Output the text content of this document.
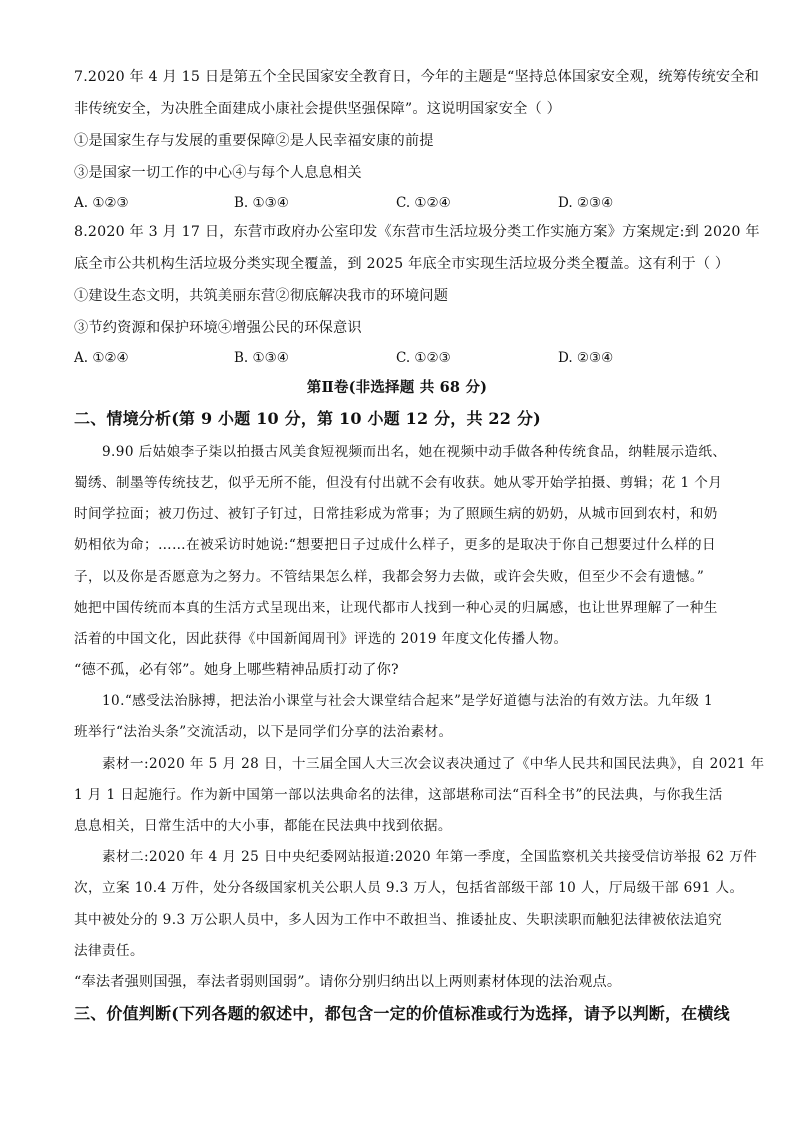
7.2020 年 4 月 15 日是第五个全民国家安全教育日，今年的主题是“坚持总体国家安全观，统筹传统安全和
非传统安全，为决胜全面建成小康社会提供坚强保障”。这说明国家安全（ ）
①是国家生存与发展的重要保障②是人民幸福安康的前提
③是国家一切工作的中心④与每个人息息相关
A. ①②③	B. ①③④	C. ①②④	D. ②③④
8.2020 年 3 月 17 日，东营市政府办公室印发《东营市生活垃圾分类工作实施方案》方案规定:到 2020 年
底全市公共机构生活垃圾分类实现全覆盖，到 2025 年底全市实现生活垃圾分类全覆盖。这有利于（ ）
①建设生态文明，共筑美丽东营②彻底解决我市的环境问题
③节约资源和保护环境④增强公民的环保意识
A. ①②④	B. ①③④	C. ①②③	D. ②③④
第Ⅱ卷(非选择题 共 68 分)
二、情境分析(第 9 小题 10 分，第 10 小题 12 分，共 22 分)
9.90 后姑娘李子柒以拍摄古风美食短视频而出名，她在视频中动手做各种传统食品，纳鞋展示造纸、
蜀绣、制墨等传统技艺，似乎无所不能，但没有付出就不会有收获。她从零开始学拍摄、剪辑；花 1 个月
时间学拉面；被刀伤过、被钉子钉过，日常挂彩成为常事；为了照顾生病的奶奶，从城市回到农村，和奶
奶相依为命；……在被采访时她说:“想要把日子过成什么样子，更多的是取决于你自己想要过什么样的日
子，以及你是否愿意为之努力。不管结果怎么样，我都会努力去做，或许会失败，但至少不会有遗憾。”
她把中国传统而本真的生活方式呈现出来，让现代都市人找到一种心灵的归属感，也让世界理解了一种生
活着的中国文化，因此获得《中国新闻周刊》评选的 2019 年度文化传播人物。
“德不孤，必有邻”。她身上哪些精神品质打动了你?
10.“感受法治脉搏，把法治小课堂与社会大课堂结合起来”是学好道德与法治的有效方法。九年级 1
班举行“法治头条”交流活动，以下是同学们分享的法治素材。
素材一:2020 年 5 月 28 日，十三届全国人大三次会议表决通过了《中华人民共和国民法典》，自 2021 年
1 月 1 日起施行。作为新中国第一部以法典命名的法律，这部堪称司法“百科全书”的民法典，与你我生活
息息相关，日常生活中的大小事，都能在民法典中找到依据。
素材二:2020 年 4 月 25 日中央纪委网站报道:2020 年第一季度，全国监察机关共接受信访举报 62 万件
次，立案 10.4 万件，处分各级国家机关公职人员 9.3 万人，包括省部级干部 10 人，厅局级干部 691 人。
其中被处分的 9.3 万公职人员中，多人因为工作中不敢担当、推诿扯皮、失职渎职而触犯法律被依法追究
法律责任。
“奉法者强则国强，奉法者弱则国弱”。请你分别归纳出以上两则素材体现的法治观点。
三、价值判断(下列各题的叙述中，都包含一定的价值标准或行为选择，请予以判断，在横线
